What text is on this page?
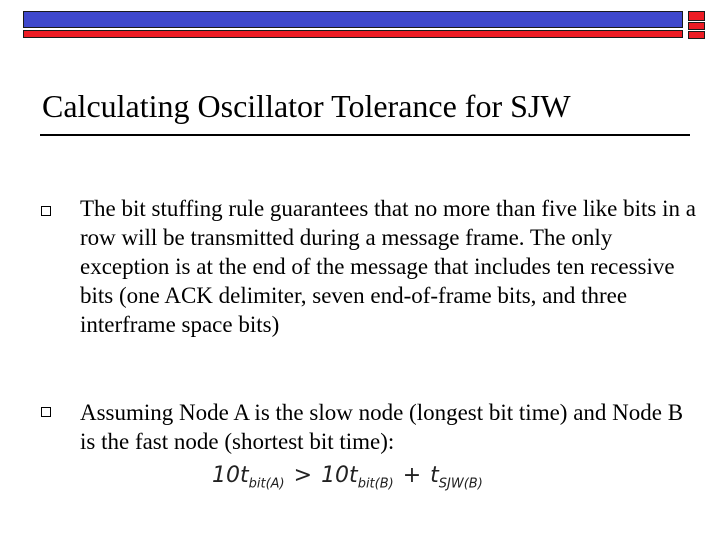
Calculating Oscillator Tolerance for SJW
The bit stuffing rule guarantees that no more than five like bits in a row will be transmitted during a message frame. The only exception is at the end of the message that includes ten recessive bits (one ACK delimiter, seven end-of-frame bits, and three interframe space bits)
Assuming Node A is the slow node (longest bit time) and Node B is the fast node (shortest bit time):
$10t_{bit(A)} > 10t_{bit(B)} + t_{SJW(B)}$
